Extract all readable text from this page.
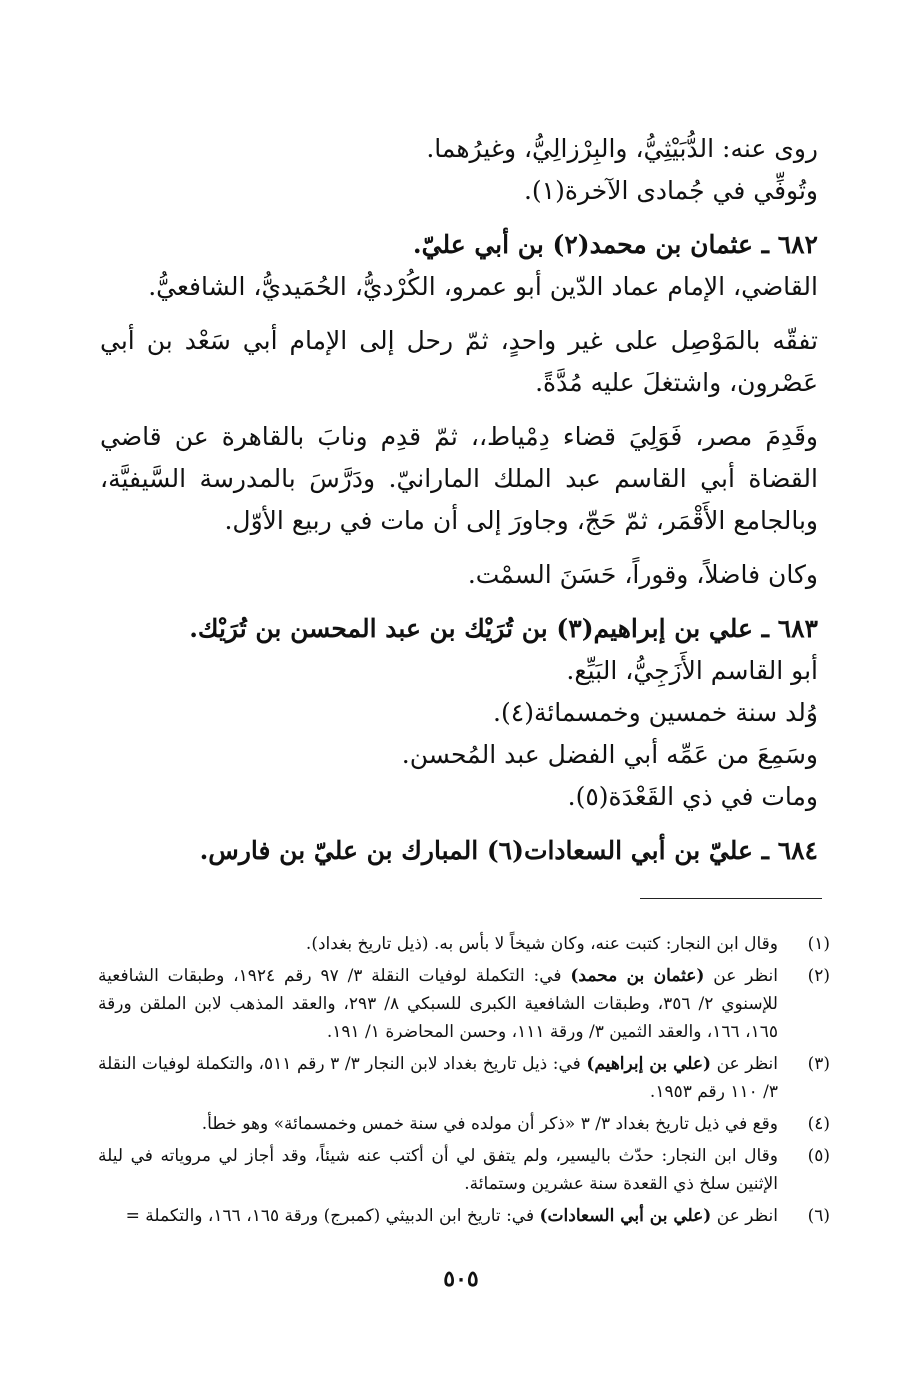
روى عنه: الدُّبَيْثِيُّ، والبِرْزالِيُّ، وغيرُهما.

وتُوفِّي في جُمادى الآخرة(١).

٦٨٢ ـ عثمان بن محمد(٢) بن أبي عليّ.

القاضي، الإمام عماد الدّين أبو عمرو، الكُرْديُّ، الحُمَيديُّ، الشافعيُّ.

تفقّه بالمَوْصِل على غير واحدٍ، ثمّ رحل إلى الإمام أبي سَعْد بن أبي عَصْرون، واشتغلَ عليه مُدَّةً.

وقَدِمَ مصر، فَوَلِيَ قضاء دِمْياط،، ثمّ قدِم ونابَ بالقاهرة عن قاضي القضاة أبي القاسم عبد الملك المارانيّ. ودَرَّسَ بالمدرسة السَّيفيَّة، وبالجامع الأَقْمَر، ثمّ حَجّ، وجاورَ إلى أن مات في ربيع الأوّل.

وكان فاضلاً، وقوراً، حَسَنَ السمْت.

٦٨٣ ـ علي بن إبراهيم(٣) بن تُرَيْك بن عبد المحسن بن تُرَيْك.

أبو القاسم الأَزَجِيُّ، البَيِّع.

وُلد سنة خمسين وخمسمائة(٤).

وسَمِعَ من عَمِّه أبي الفضل عبد المُحسن.

ومات في ذي القَعْدَة(٥).

٦٨٤ ـ عليّ بن أبي السعادات(٦) المبارك بن عليّ بن فارس.

(١)
وقال ابن النجار: كتبت عنه، وكان شيخاً لا بأس به. (ذيل تاريخ بغداد).
(٢)
انظر عن (عثمان بن محمد) في: التكملة لوفيات النقلة ٣/ ٩٧ رقم ١٩٢٤، وطبقات الشافعية للإسنوي ٢/ ٣٥٦، وطبقات الشافعية الكبرى للسبكي ٨/ ٢٩٣، والعقد المذهب لابن الملقن ورقة ١٦٥، ١٦٦، والعقد الثمين ٣/ ورقة ١١١، وحسن المحاضرة ١/ ١٩١.
(٣)
انظر عن (علي بن إبراهيم) في: ذيل تاريخ بغداد لابن النجار ٣/ ٣ رقم ٥١١، والتكملة لوفيات النقلة ٣/ ١١٠ رقم ١٩٥٣.
(٤)
وقع في ذيل تاريخ بغداد ٣/ ٣ «ذكر أن مولده في سنة خمس وخمسمائة» وهو خطأ.
(٥)
وقال ابن النجار: حدّث باليسير، ولم يتفق لي أن أكتب عنه شيئاً، وقد أجاز لي مروياته في ليلة الإثنين سلخ ذي القعدة سنة عشرين وستمائة.
(٦)
انظر عن (علي بن أبي السعادات) في: تاريخ ابن الدبيثي (كمبرج) ورقة ١٦٥، ١٦٦، والتكملة =
٥٠٥
